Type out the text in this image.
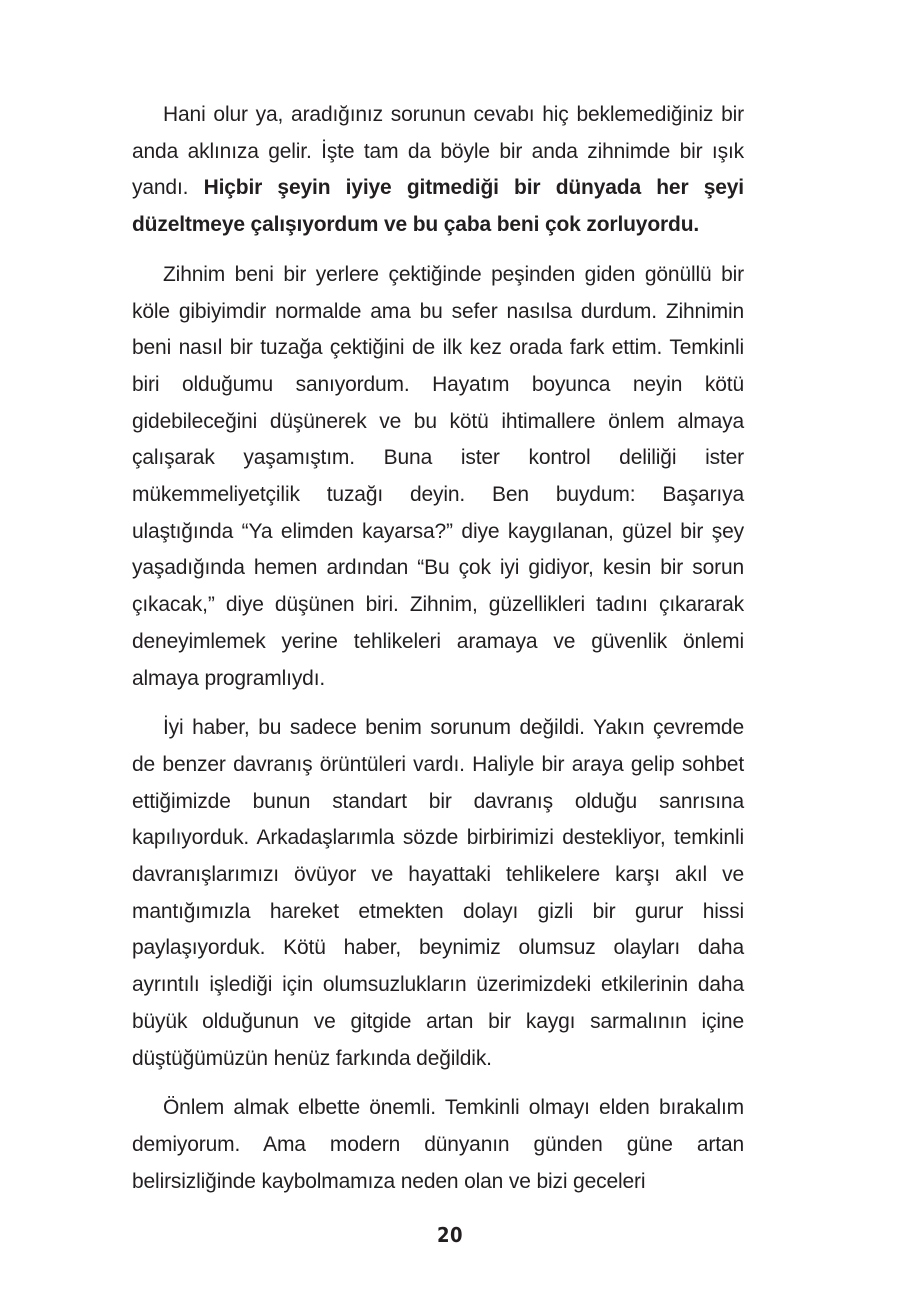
Hani olur ya, aradığınız sorunun cevabı hiç beklemediğiniz bir anda aklınıza gelir. İşte tam da böyle bir anda zihnimde bir ışık yandı. Hiçbir şeyin iyiye gitmediği bir dünyada her şeyi düzeltmeye çalışıyordum ve bu çaba beni çok zorluyordu.

Zihnim beni bir yerlere çektiğinde peşinden giden gönüllü bir köle gibiyimdir normalde ama bu sefer nasılsa durdum. Zihnimin beni nasıl bir tuzağa çektiğini de ilk kez orada fark ettim. Temkinli biri olduğumu sanıyordum. Hayatım boyunca neyin kötü gidebileceğini düşünerek ve bu kötü ihtimallere önlem almaya çalışarak yaşamıştım. Buna ister kontrol deliliği ister mükemmeliyetçilik tuzağı deyin. Ben buydum: Başarıya ulaştığında “Ya elimden kayarsa?” diye kaygılanan, güzel bir şey yaşadığında hemen ardından “Bu çok iyi gidiyor, kesin bir sorun çıkacak,” diye düşünen biri. Zihnim, güzellikleri tadını çıkararak deneyimlemek yerine tehlikeleri aramaya ve güvenlik önlemi almaya programlıydı.

İyi haber, bu sadece benim sorunum değildi. Yakın çevremde de benzer davranış örüntüleri vardı. Haliyle bir araya gelip sohbet ettiğimizde bunun standart bir davranış olduğu sanrısına kapılıyorduk. Arkadaşlarımla sözde birbirimizi destekliyor, temkinli davranışlarımızı övüyor ve hayattaki tehlikelere karşı akıl ve mantığımızla hareket etmekten dolayı gizli bir gurur hissi paylaşıyorduk. Kötü haber, beynimiz olumsuz olayları daha ayrıntılı işlediği için olumsuzlukların üzerimizdeki etkilerinin daha büyük olduğunun ve gitgide artan bir kaygı sarmalının içine düştüğümüzün henüz farkında değildik.

Önlem almak elbette önemli. Temkinli olmayı elden bırakalım demiyorum. Ama modern dünyanın günden güne artan belirsizliğinde kaybolmamıza neden olan ve bizi geceleri

20
